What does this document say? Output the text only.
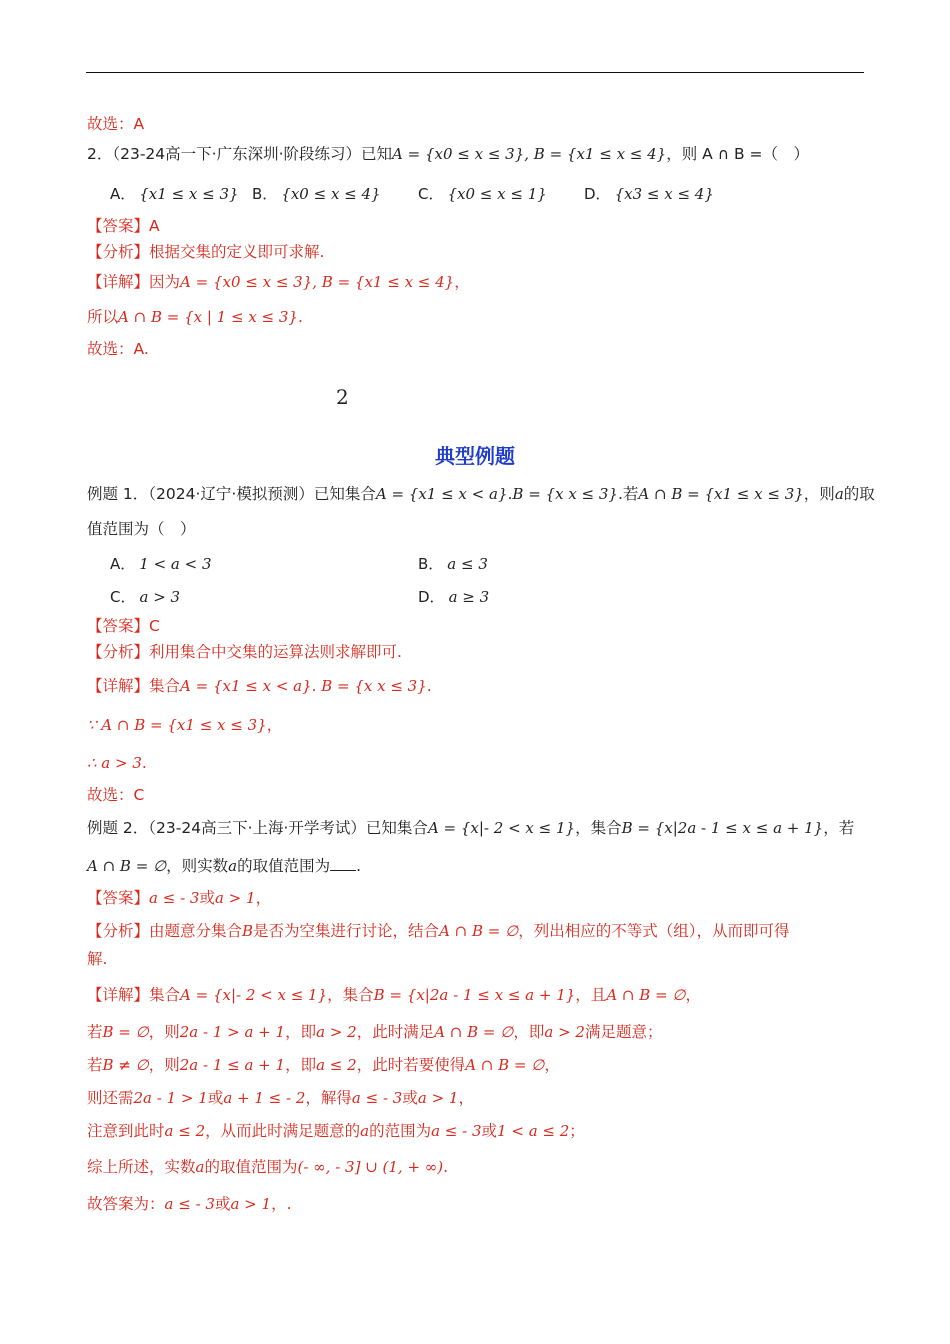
故选：A
2．（23-24高一下·广东深圳·阶段练习）已知A = {x0 ≤ x ≤ 3}, B = {x1 ≤ x ≤ 4}，则 A ∩ B =（　）
A． {x1 ≤ x ≤ 3} B． {x0 ≤ x ≤ 4} C． {x0 ≤ x ≤ 1} D． {x3 ≤ x ≤ 4}
【答案】A
【分析】根据交集的定义即可求解.
【详解】因为A = {x0 ≤ x ≤ 3}, B = {x1 ≤ x ≤ 4}，
所以A ∩ B = {x | 1 ≤ x ≤ 3}.
故选：A.
2
典型例题
例题 1．（2024·辽宁·模拟预测）已知集合A = {x1 ≤ x < a}.B = {x x ≤ 3}.若A ∩ B = {x1 ≤ x ≤ 3}，则a的取
值范围为（　）
A． 1 < a < 3	B． a ≤ 3
C． a > 3	D． a ≥ 3
【答案】C
【分析】利用集合中交集的运算法则求解即可.
【详解】集合A = {x1 ≤ x < a}. B = {x x ≤ 3}.
∵ A ∩ B = {x1 ≤ x ≤ 3}，
∴ a > 3.
故选：C
例题 2．（23-24高三下·上海·开学考试）已知集合A = {x|- 2 < x ≤ 1}，集合B = {x|2a - 1 ≤ x ≤ a + 1}，若
A ∩ B = ∅，则实数a的取值范围为 .
【答案】a ≤ - 3或a > 1，
【分析】由题意分集合B是否为空集进行讨论，结合A ∩ B = ∅，列出相应的不等式（组），从而即可得
解.
【详解】集合A = {x|- 2 < x ≤ 1}，集合B = {x|2a - 1 ≤ x ≤ a + 1}，且A ∩ B = ∅，
若B = ∅，则2a - 1 > a + 1，即a > 2，此时满足A ∩ B = ∅，即a > 2满足题意；
若B ≠ ∅，则2a - 1 ≤ a + 1，即a ≤ 2，此时若要使得A ∩ B = ∅，
则还需2a - 1 > 1或a + 1 ≤ - 2，解得a ≤ - 3或a > 1，
注意到此时a ≤ 2，从而此时满足题意的a的范围为a ≤ - 3或1 < a ≤ 2；
综上所述，实数a的取值范围为(- ∞, - 3] ∪ (1, + ∞).
故答案为：a ≤ - 3或a > 1，.
